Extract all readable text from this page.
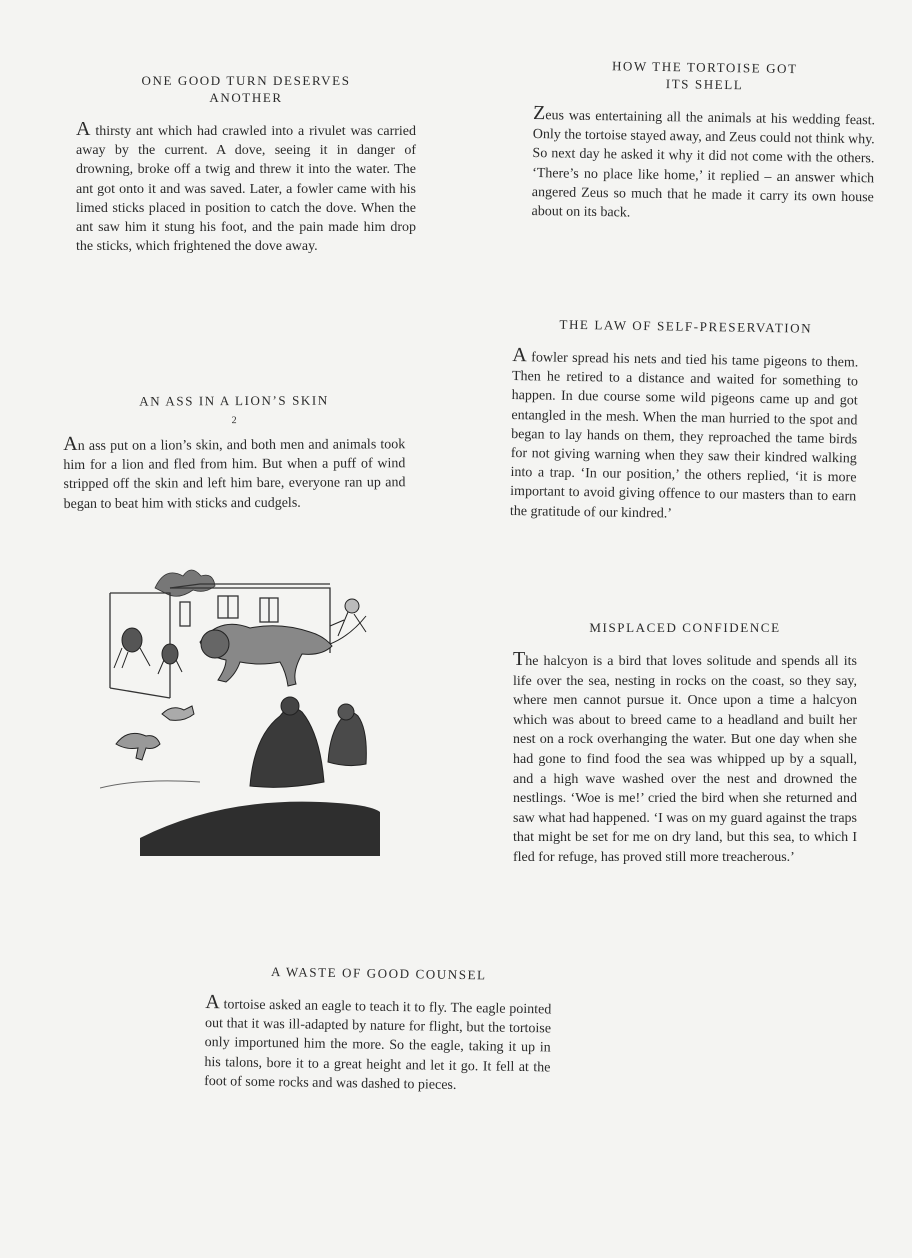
ONE GOOD TURN DESERVES
ANOTHER

A thirsty ant which had crawled into a rivulet was carried away by the current. A dove, seeing it in danger of drowning, broke off a twig and threw it into the water. The ant got onto it and was saved. Later, a fowler came with his limed sticks placed in position to catch the dove. When the ant saw him it stung his foot, and the pain made him drop the sticks, which frightened the dove away.

HOW THE TORTOISE GOT
ITS SHELL

Zeus was entertaining all the animals at his wedding feast. Only the tortoise stayed away, and Zeus could not think why. So next day he asked it why it did not come with the others. ‘There’s no place like home,’ it replied – an answer which angered Zeus so much that he made it carry its own house about on its back.

THE LAW OF SELF-PRESERVATION

A fowler spread his nets and tied his tame pigeons to them. Then he retired to a distance and waited for something to happen. In due course some wild pigeons came up and got entangled in the mesh. When the man hurried to the spot and began to lay hands on them, they reproached the tame birds for not giving warning when they saw their kindred walking into a trap. ‘In our position,’ the others replied, ‘it is more important to avoid giving offence to our masters than to earn the gratitude of our kindred.’

AN ASS IN A LION’S SKIN
2

An ass put on a lion’s skin, and both men and animals took him for a lion and fled from him. But when a puff of wind stripped off the skin and left him bare, everyone ran up and began to beat him with sticks and cudgels.

MISPLACED CONFIDENCE

The halcyon is a bird that loves solitude and spends all its life over the sea, nesting in rocks on the coast, so they say, where men cannot pursue it. Once upon a time a halcyon which was about to breed came to a headland and built her nest on a rock overhanging the water. But one day when she had gone to find food the sea was whipped up by a squall, and a high wave washed over the nest and drowned the nestlings. ‘Woe is me!’ cried the bird when she returned and saw what had happened. ‘I was on my guard against the traps that might be set for me on dry land, but this sea, to which I fled for refuge, has proved still more treacherous.’

A WASTE OF GOOD COUNSEL

A tortoise asked an eagle to teach it to fly. The eagle pointed out that it was ill-adapted by nature for flight, but the tortoise only importuned him the more. So the eagle, taking it up in his talons, bore it to a great height and let it go. It fell at the foot of some rocks and was dashed to pieces.
